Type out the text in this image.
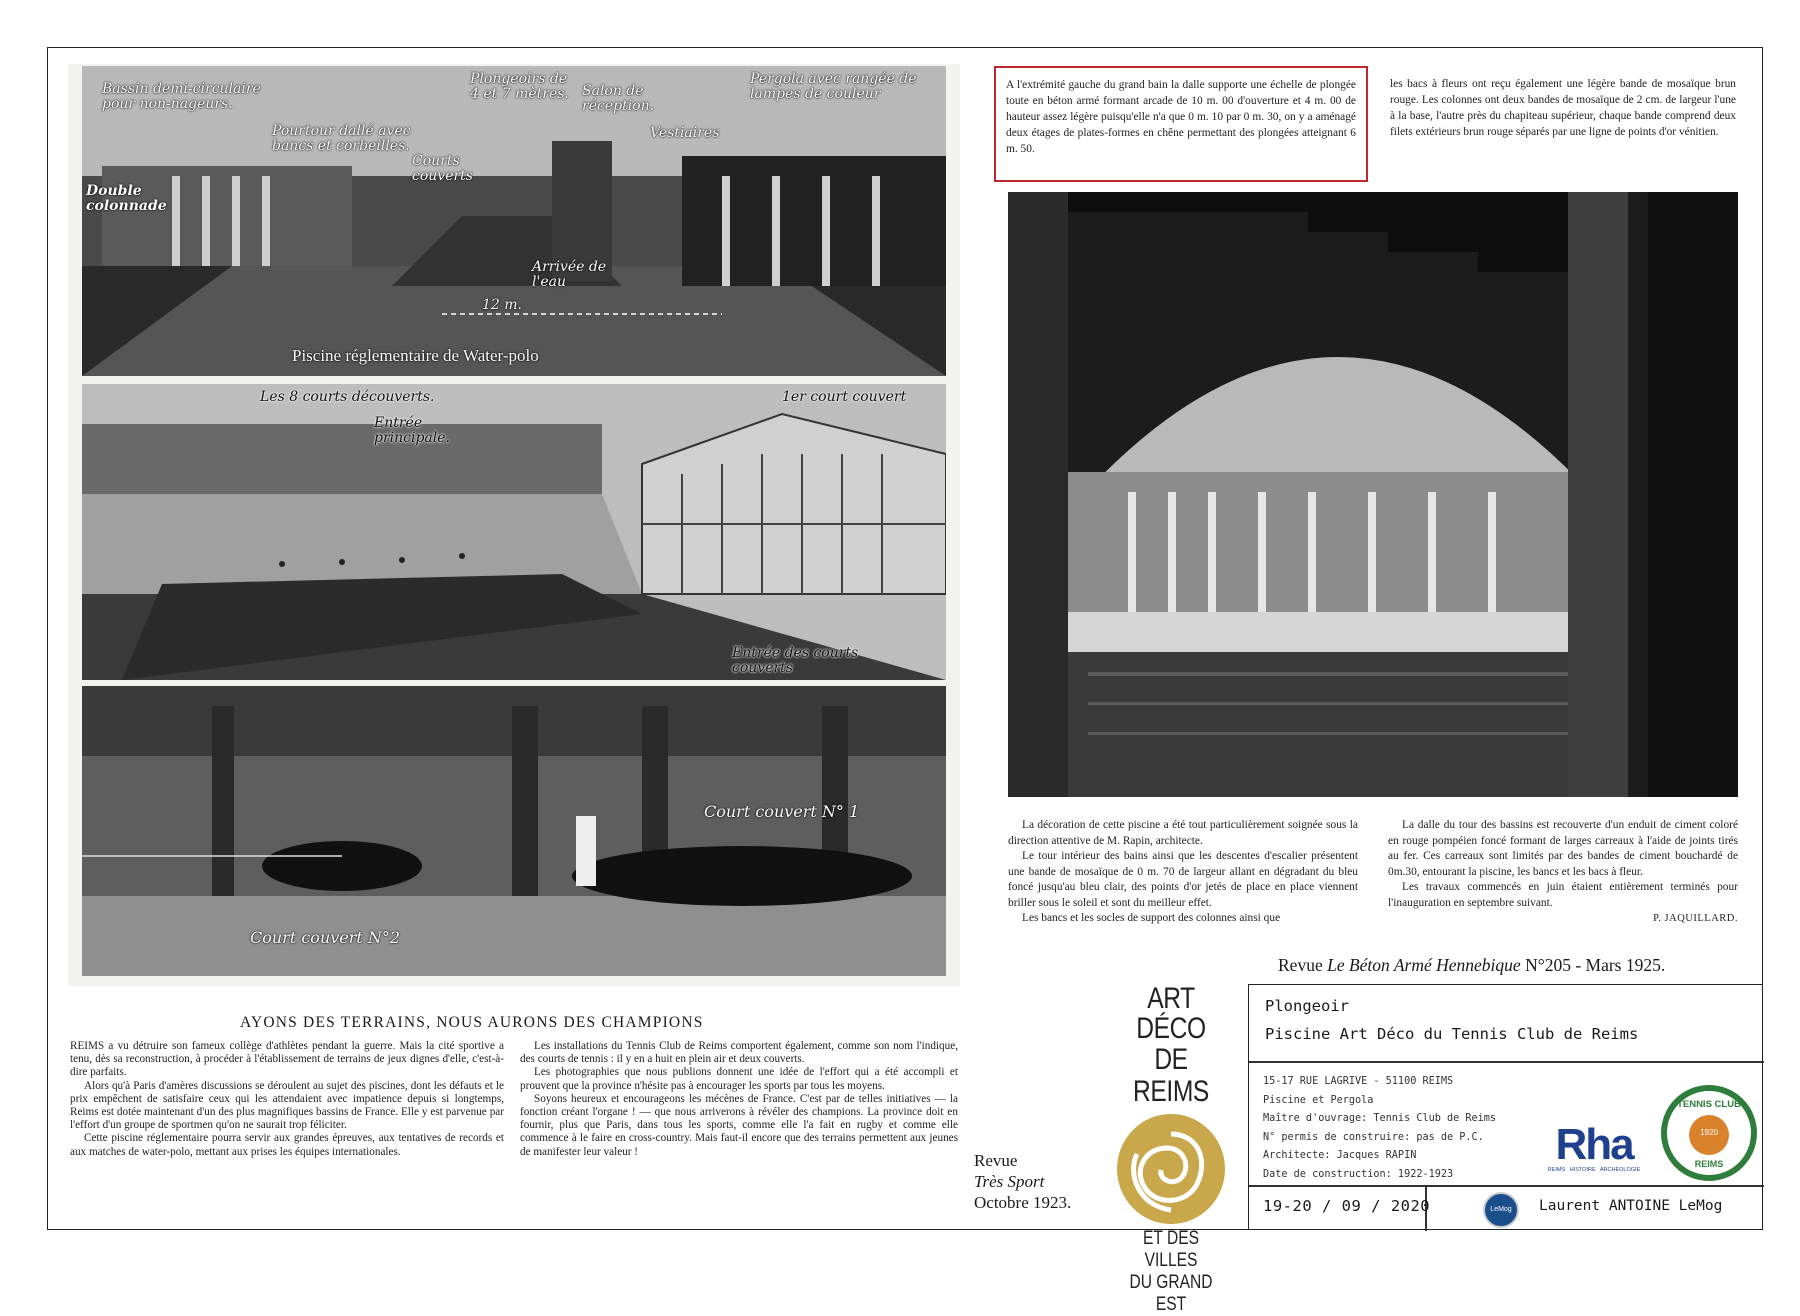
Bassin demi-circulaire pour non-nageurs.
Pourtour dallé avec bancs et corbeilles.
Courts couverts
Plongeoirs de 4 et 7 mètres. Salon de réception.
Vestiaires
Pergola avec rangée de lampes de couleur
Double colonnade
Arrivée de l'eau
12 m.
Piscine réglementaire de Water-polo
Les 8 courts découverts.
Entrée principale.
1er court couvert
Entrée des courts couverts
Court couvert N° 1
Court couvert N°2
AYONS DES TERRAINS, NOUS AURONS DES CHAMPIONS

REIMS a vu détruire son fameux collège d'athlètes pendant la guerre. Mais la cité sportive a tenu, dès sa reconstruction, à procéder à l'établissement de terrains de jeux dignes d'elle, c'est-à-dire parfaits.

Alors qu'à Paris d'amères discussions se déroulent au sujet des piscines, dont les défauts et le prix empêchent de satisfaire ceux qui les attendaient avec impatience depuis si longtemps, Reims est dotée maintenant d'un des plus magnifiques bassins de France. Elle y est parvenue par l'effort d'un groupe de sportmen qu'on ne saurait trop féliciter.

Cette piscine réglementaire pourra servir aux grandes épreuves, aux tentatives de records et aux matches de water-polo, mettant aux prises les équipes internationales.

Les installations du Tennis Club de Reims comportent également, comme son nom l'indique, des courts de tennis : il y en a huit en plein air et deux couverts.

Les photographies que nous publions donnent une idée de l'effort qui a été accompli et prouvent que la province n'hésite pas à encourager les sports par tous les moyens.

Soyons heureux et encourageons les mécènes de France. C'est par de telles initiatives — la fonction créant l'organe ! — que nous arriverons à révéler des champions. La province doit en fournir, plus que Paris, dans tous les sports, comme elle l'a fait en rugby et comme elle commence à le faire en cross-country. Mais faut-il encore que des terrains permettent aux jeunes de manifester leur valeur !	Revue
Très Sport
Octobre 1923.
A l'extrémité gauche du grand bain la dalle supporte une échelle de plongée toute en béton armé formant arcade de 10 m. 00 d'ouverture et 4 m. 00 de hauteur assez légère puisqu'elle n'a que 0 m. 10 par 0 m. 30, on y a aménagé deux étages de plates-formes en chêne permettant des plongées atteignant 6 m. 50.
les bacs à fleurs ont reçu également une légère bande de mosaïque brun rouge. Les colonnes ont deux bandes de mosaïque de 2 cm. de largeur l'une à la base, l'autre près du chapiteau supérieur, chaque bande comprend deux filets extérieurs brun rouge séparés par une ligne de points d'or vénitien.

La décoration de cette piscine a été tout particulièrement soignée sous la direction attentive de M. Rapin, architecte.

Le tour intérieur des bains ainsi que les descentes d'escalier présentent une bande de mosaïque de 0 m. 70 de largeur allant en dégradant du bleu foncé jusqu'au bleu clair, des points d'or jetés de place en place viennent briller sous le soleil et sont du meilleur effet.

Les bancs et les socles de support des colonnes ainsi que

La dalle du tour des bassins est recouverte d'un enduit de ciment coloré en rouge pompéien foncé formant de larges carreaux à l'aide de joints tirés au fer. Ces carreaux sont limités par des bandes de ciment bouchardé de 0m.30, entourant la piscine, les bancs et les bacs à fleur.

Les travaux commencés en juin étaient entièrement terminés pour l'inauguration en septembre suivant.

P. JAQUILLARD.
Revue Le Béton Armé Hennebique N°205 - Mars 1925.
ART DÉCO
DE REIMS
ET DES VILLES
DU GRAND EST
Plongeoir
Piscine Art Déco du Tennis Club de Reims
15-17 RUE LAGRIVE - 51100 REIMS
Piscine et Pergola
Maître d'ouvrage: Tennis Club de Reims
N° permis de construire: pas de P.C.
Architecte: Jacques RAPIN
Date de construction: 1922-1923
Rha
REIMS   HISTOIRE   ARCHÉOLOGIE
TENNIS CLUB
1920
REIMS
19-20 / 09 / 2020	LeMog	Laurent ANTOINE LeMog
